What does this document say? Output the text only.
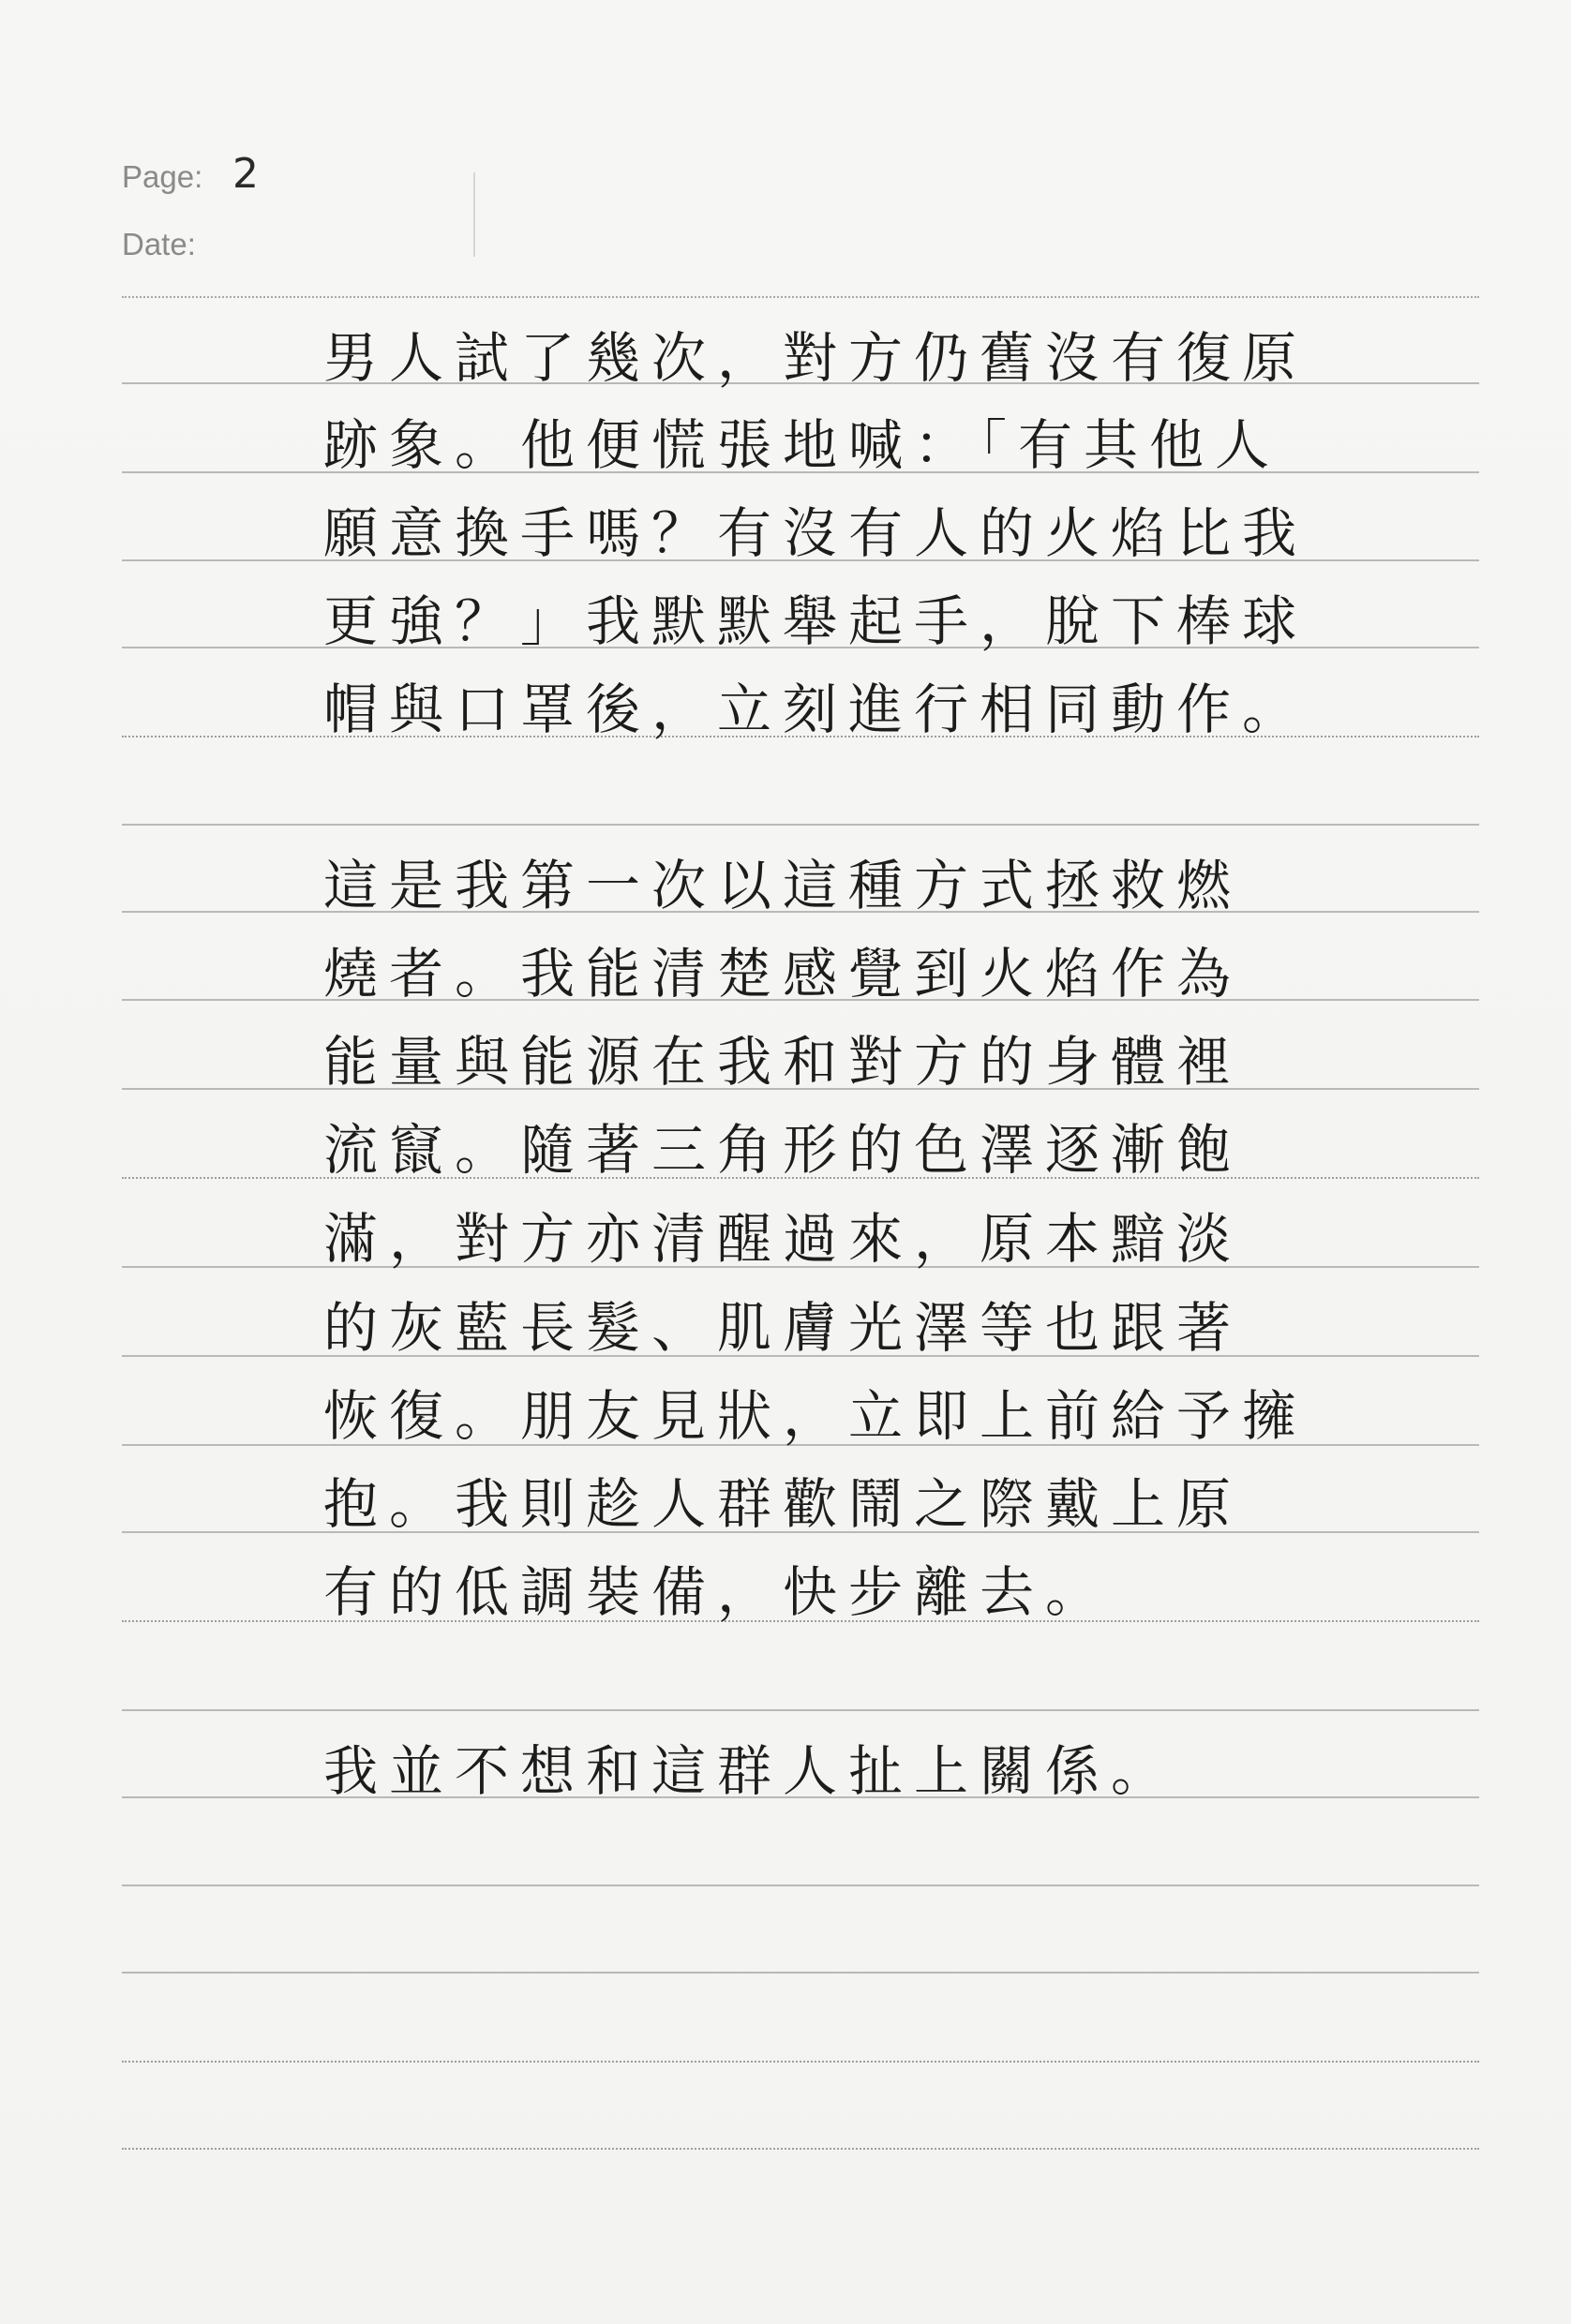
Page: 2
Date:
男人試了幾次，對方仍舊沒有復原
跡象。他便慌張地喊：「有其他人
願意換手嗎？有沒有人的火焰比我
更強？」我默默舉起手，脫下棒球
帽與口罩後，立刻進行相同動作。
這是我第一次以這種方式拯救燃
燒者。我能清楚感覺到火焰作為
能量與能源在我和對方的身體裡
流竄。隨著三角形的色澤逐漸飽
滿，對方亦清醒過來，原本黯淡
的灰藍長髮、肌膚光澤等也跟著
恢復。朋友見狀，立即上前給予擁
抱。我則趁人群歡鬧之際戴上原
有的低調裝備，快步離去。
我並不想和這群人扯上關係。
